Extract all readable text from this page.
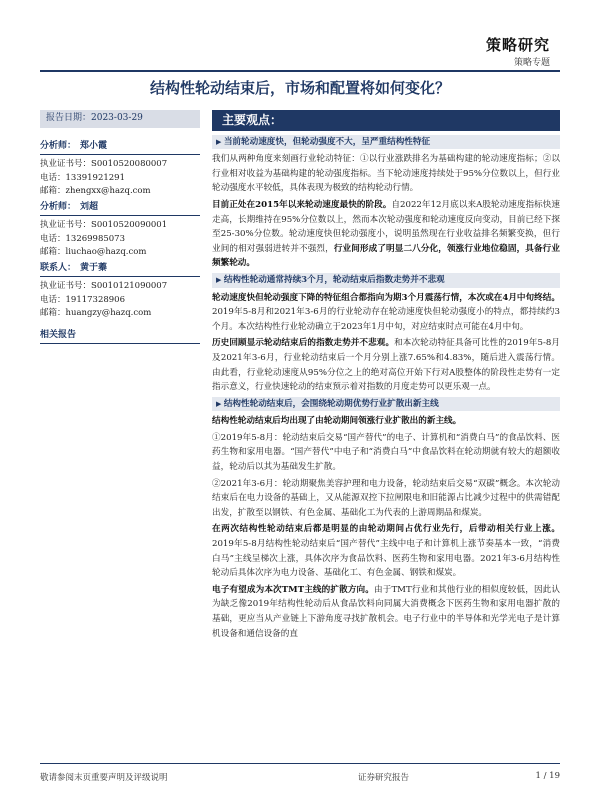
策略研究
策略专题
结构性轮动结束后，市场和配置将如何变化？
报告日期：2023-03-29
分析师： 郑小霞
执业证书号：S0010520080007
电话：13391921291
邮箱：zhengxx@hazq.com
分析师： 刘超
执业证书号：S0010520090001
电话：13269985073
邮箱：liuchao@hazq.com
联系人： 黄于蓁
执业证书号：S0010121090007
电话：19117328906
邮箱：huangzy@hazq.com
相关报告
主要观点：
▶ 当前轮动速度快，但轮动强度不大，呈严重结构性特征

我们从两种角度来刻画行业轮动特征：①以行业涨跌排名为基础构建的轮动速度指标；②以行业相对收益为基础构建的轮动强度指标。当下轮动速度持续处于95%分位数以上，但行业轮动强度水平较低，具体表现为极致的结构轮动行情。

目前正处在2015年以来轮动速度最快的阶段。自2022年12月底以来A股轮动速度指标快速走高，长期维持在95%分位数以上，然而本次轮动强度和轮动速度反向变动，目前已经下探至25-30%分位数。轮动速度快但轮动强度小，说明虽然现在行业收益排名频繁变换，但行业间的相对强弱进转并不强烈，行业间形成了明显二八分化，领涨行业地位稳固，具备行业频繁轮动。

▶ 结构性轮动通常持续3个月，轮动结束后指数走势并不悲观

轮动速度快但轮动强度下降的特征组合都指向为期3个月震荡行情，本次或在4月中旬终结。2019年5-8月和2021年3-6月的行业轮动存在轮动速度快但轮动强度小的特点，都持续约3个月。本次结构性行业轮动确立于2023年1月中旬，对应结束时点可能在4月中旬。

历史回顾显示轮动结束后的指数走势并不悲观。和本次轮动特征具备可比性的2019年5-8月及2021年3-6月，行业轮动结束后一个月分别上涨7.65%和4.83%，随后进入震荡行情。由此看，行业轮动速度从95%分位之上的绝对高位开始下行对A股整体的阶段性走势有一定指示意义，行业快速轮动的结束预示着对指数的月度走势可以更乐观一点。

▶ 结构性轮动结束后，会围绕轮动期优势行业扩散出新主线

结构性轮动结束后均出现了由轮动期间领涨行业扩散出的新主线。

①2019年5-8月：轮动结束后交易“国产替代”的电子、计算机和“消费白马”的食品饮料、医药生物和家用电器。“国产替代”中电子和“消费白马”中食品饮料在轮动期就有较大的超额收益，轮动后以其为基础发生扩散。

②2021年3-6月：轮动期聚焦美容护理和电力设备，轮动结束后交易“双碳”概念。本次轮动结束后在电力设备的基础上，又从能源双控下拉闸限电和旧能源占比减少过程中的供需错配出发，扩散至以钢铁、有色金属、基础化工为代表的上游周期品和煤炭。

在两次结构性轮动结束后都是明显的由轮动期间占优行业先行，后带动相关行业上涨。2019年5-8月结构性轮动结束后“国产替代”主线中电子和计算机上涨节奏基本一致，“消费白马”主线呈梯次上涨，具体次序为食品饮料、医药生物和家用电器。2021年3-6月结构性轮动后具体次序为电力设备、基础化工、有色金属、钢铁和煤炭。

电子有望成为本次TMT主线的扩散方向。由于TMT行业和其他行业的相似度较低，因此认为缺乏像2019年结构性轮动后从食品饮料向同属大消费概念下医药生物和家用电器扩散的基础，更应当从产业链上下游角度寻找扩散机会。电子行业中的半导体和光学光电子是计算机设备和通信设备的直

敬请参阅末页重要声明及评级说明	证券研究报告	1 / 19
